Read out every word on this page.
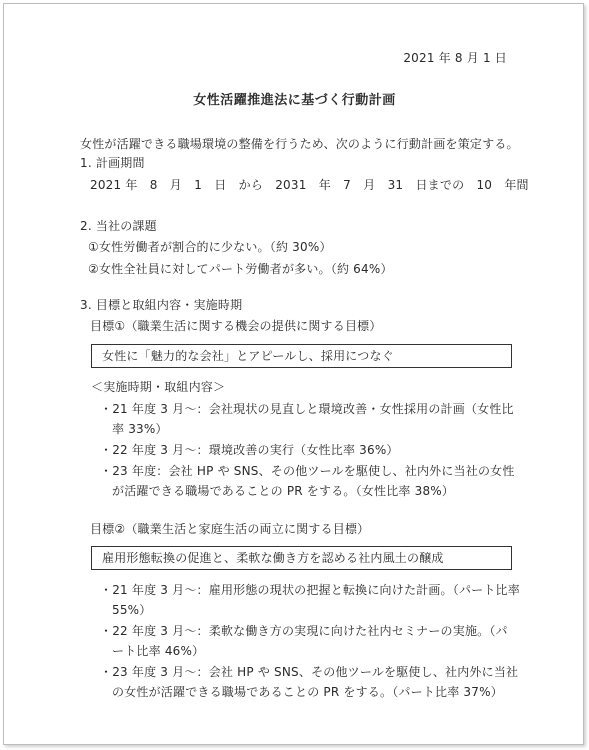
2021 年 8 月 1 日
女性活躍推進法に基づく行動計画
女性が活躍できる職場環境の整備を行うため、次のように行動計画を策定する。
1. 計画期間
2021 年　8　月　1　日　から　2031　年　7　月　31　日までの　10　年間
2. 当社の課題
①女性労働者が割合的に少ない。（約 30%）
②女性全社員に対してパート労働者が多い。（約 64%）
3. 目標と取組内容・実施時期
目標①（職業生活に関する機会の提供に関する目標）
女性に「魅力的な会社」とアピールし、採用につなぐ
＜実施時期・取組内容＞
・21 年度 3 月～：会社現状の見直しと環境改善・女性採用の計画（女性比
率 33%）
・22 年度 3 月～：環境改善の実行（女性比率 36%）
・23 年度：会社 HP や SNS、その他ツールを駆使し、社内外に当社の女性
が活躍できる職場であることの PR をする。（女性比率 38%）
目標②（職業生活と家庭生活の両立に関する目標）
雇用形態転換の促進と、柔軟な働き方を認める社内風土の醸成
・21 年度 3 月～：雇用形態の現状の把握と転換に向けた計画。（パート比率
55%）
・22 年度 3 月～：柔軟な働き方の実現に向けた社内セミナーの実施。（パ
ート比率 46%）
・23 年度 3 月～：会社 HP や SNS、その他ツールを駆使し、社内外に当社
の女性が活躍できる職場であることの PR をする。（パート比率 37%）
